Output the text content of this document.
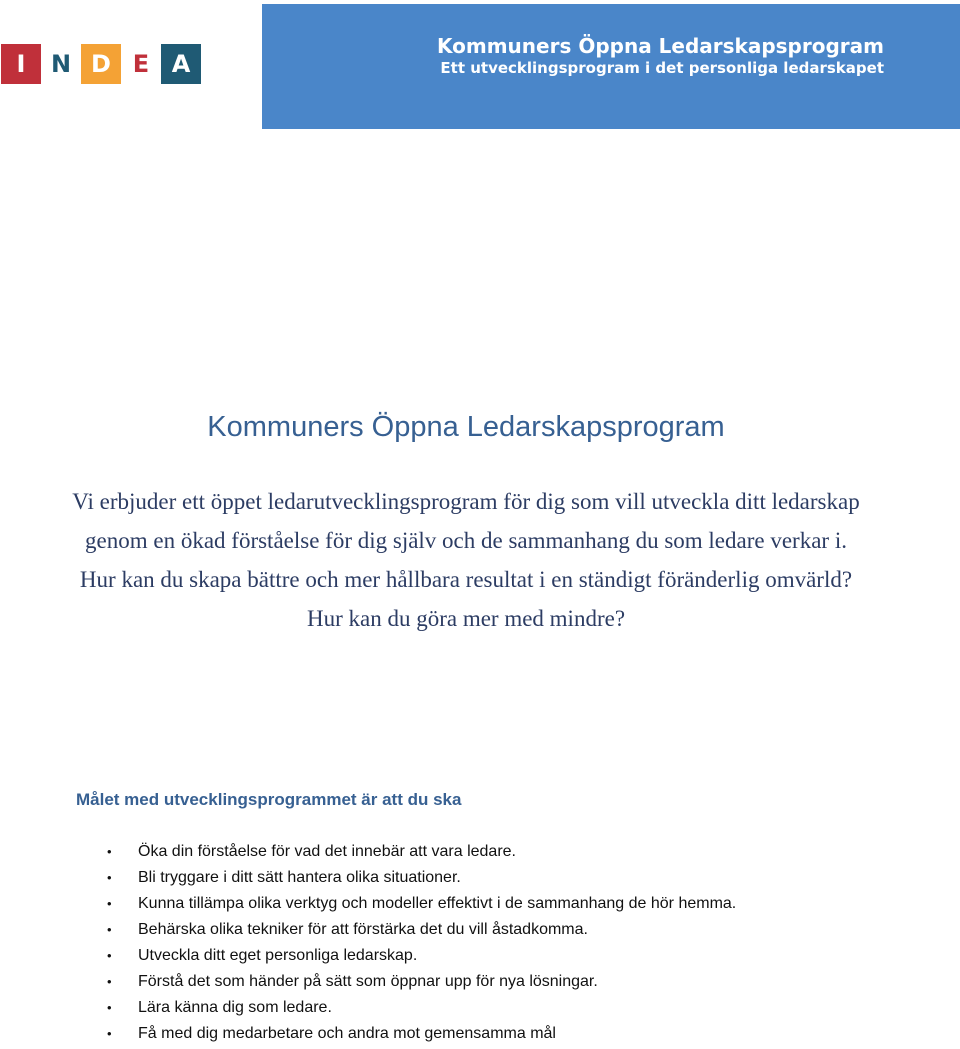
I	N D E A
Kommuners Öppna Ledarskapsprogram
Ett utvecklingsprogram i det personliga ledarskapet
Kommuners Öppna Ledarskapsprogram

Vi erbjuder ett öppet ledarutvecklingsprogram för dig som vill utveckla ditt ledarskap genom en ökad förståelse för dig själv och de sammanhang du som ledare verkar i.

Hur kan du skapa bättre och mer hållbara resultat i en ständigt föränderlig omvärld?

Hur kan du göra mer med mindre?

Målet med utvecklingsprogrammet är att du ska
• Öka din förståelse för vad det innebär att vara ledare.
• Bli tryggare i ditt sätt hantera olika situationer.
• Kunna tillämpa olika verktyg och modeller effektivt i de sammanhang de hör hemma.
• Behärska olika tekniker för att förstärka det du vill åstadkomma.
• Utveckla ditt eget personliga ledarskap.
• Förstå det som händer på sätt som öppnar upp för nya lösningar.
• Lära känna dig som ledare.
• Få med dig medarbetare och andra mot gemensamma mål
